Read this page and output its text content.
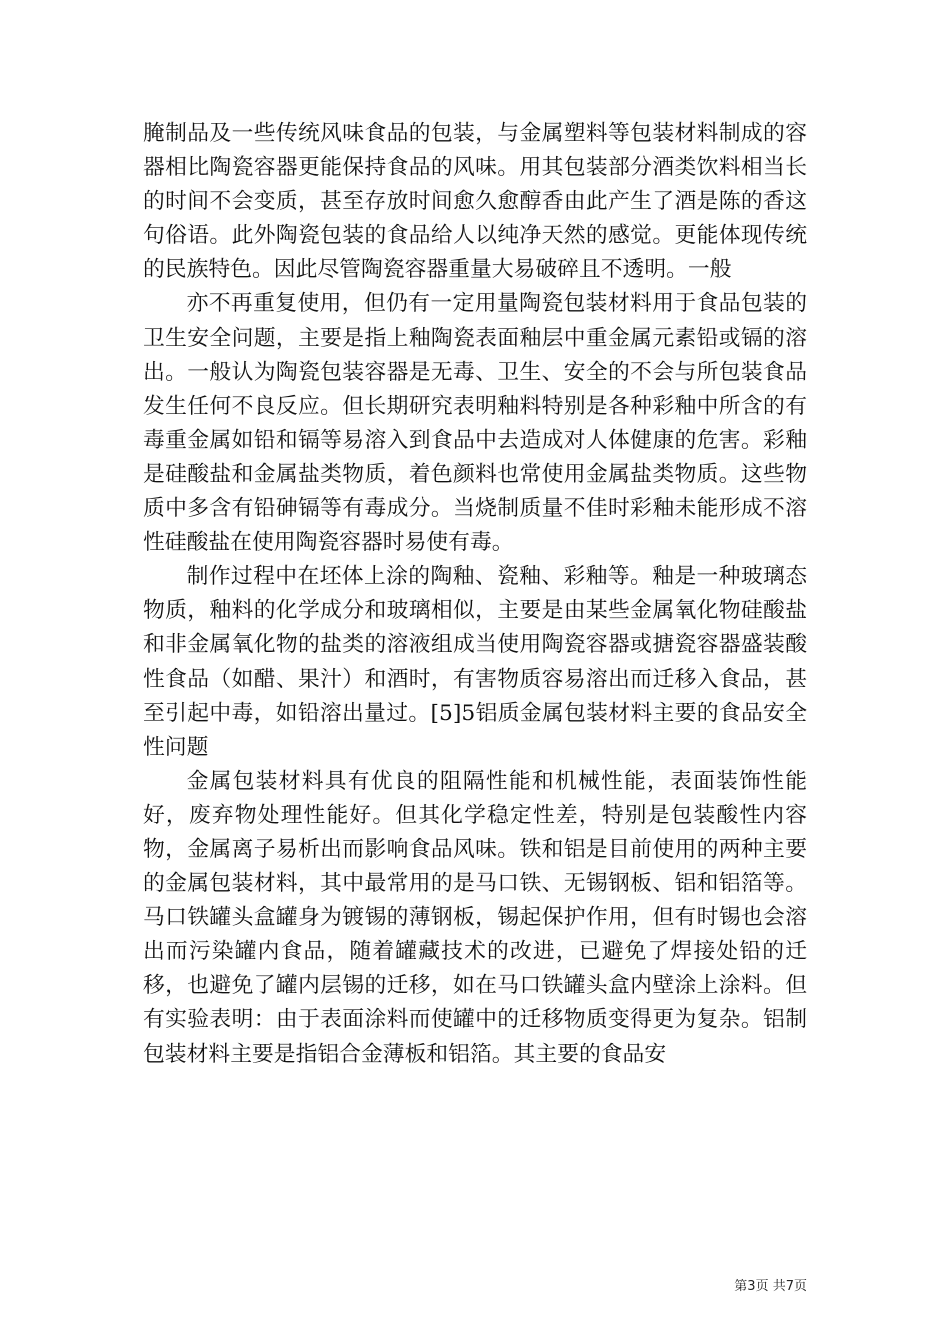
腌制品及一些传统风味食品的包装，与金属塑料等包装材料制成的容器相比陶瓷容器更能保持食品的风味。用其包装部分酒类饮料相当长的时间不会变质，甚至存放时间愈久愈醇香由此产生了酒是陈的香这句俗语。此外陶瓷包装的食品给人以纯净天然的感觉。更能体现传统的民族特色。因此尽管陶瓷容器重量大易破碎且不透明。一般

亦不再重复使用，但仍有一定用量陶瓷包装材料用于食品包装的卫生安全问题，主要是指上釉陶瓷表面釉层中重金属元素铅或镉的溶出。一般认为陶瓷包装容器是无毒、卫生、安全的不会与所包装食品发生任何不良反应。但长期研究表明釉料特别是各种彩釉中所含的有毒重金属如铅和镉等易溶入到食品中去造成对人体健康的危害。彩釉是硅酸盐和金属盐类物质，着色颜料也常使用金属盐类物质。这些物质中多含有铅砷镉等有毒成分。当烧制质量不佳时彩釉未能形成不溶性硅酸盐在使用陶瓷容器时易使有毒。

制作过程中在坯体上涂的陶釉、瓷釉、彩釉等。釉是一种玻璃态物质，釉料的化学成分和玻璃相似，主要是由某些金属氧化物硅酸盐和非金属氧化物的盐类的溶液组成当使用陶瓷容器或搪瓷容器盛装酸性食品（如醋、果汁）和酒时，有害物质容易溶出而迁移入食品，甚至引起中毒，如铅溶出量过。[5]5铝质金属包装材料主要的食品安全性问题

金属包装材料具有优良的阻隔性能和机械性能，表面装饰性能好，废弃物处理性能好。但其化学稳定性差，特别是包装酸性内容物，金属离子易析出而影响食品风味。铁和铝是目前使用的两种主要的金属包装材料，其中最常用的是马口铁、无锡钢板、铝和铝箔等。马口铁罐头盒罐身为镀锡的薄钢板，锡起保护作用，但有时锡也会溶出而污染罐内食品，随着罐藏技术的改进，已避免了焊接处铅的迁移，也避免了罐内层锡的迁移，如在马口铁罐头盒内壁涂上涂料。但有实验表明：由于表面涂料而使罐中的迁移物质变得更为复杂。铝制包装材料主要是指铝合金薄板和铝箔。其主要的食品安

第3页 共7页
